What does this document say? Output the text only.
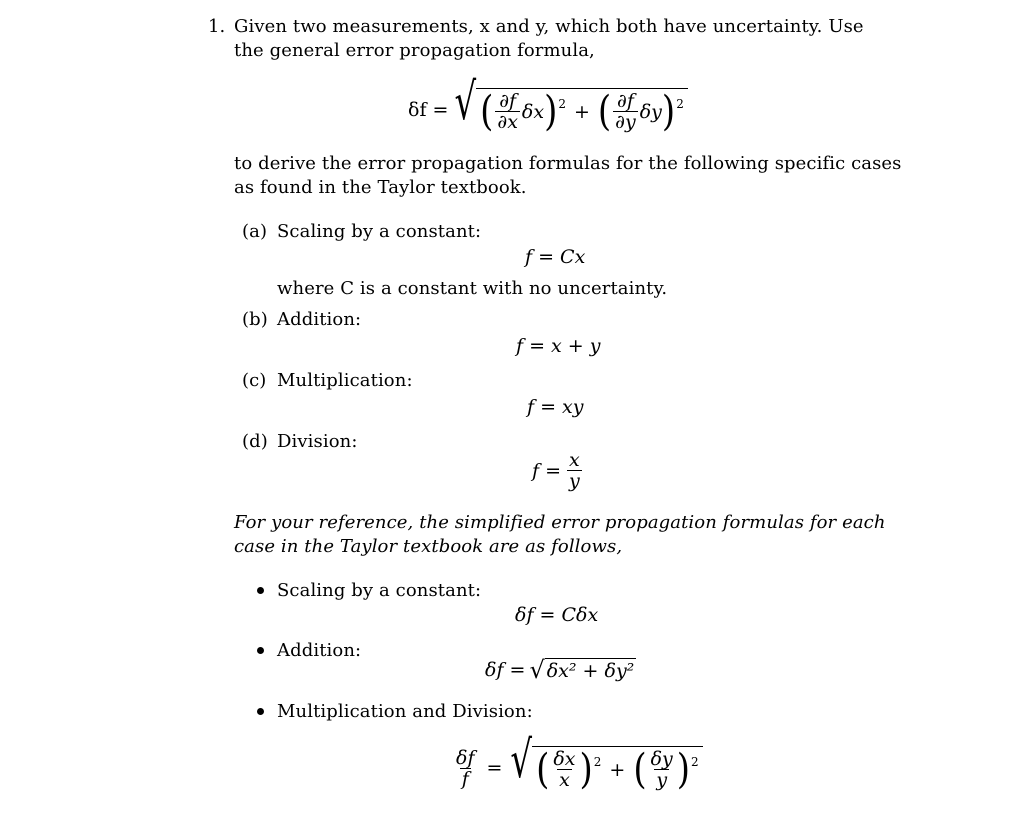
1. Given two measurements, x and y, which both have uncertainty. Use
the general error propagation formula,
δf = √ ( $\frac{\partial f}{\partial x}$ δx ) 2 + ( $\frac{\partial f}{\partial y}$ δy ) 2
to derive the error propagation formulas for the following specific cases
as found in the Taylor textbook.
(a) Scaling by a constant:
f = Cx
where C is a constant with no uncertainty.
(b) Addition:
f = x + y
(c) Multiplication:
f = xy
(d) Division:
$f = \frac{x}{y}$
For your reference, the simplified error propagation formulas for each
case in the Taylor textbook are as follows,
Scaling by a constant:
δf = Cδx
Addition:
δf = √ δx² + δy²
Multiplication and Division:
$\frac{\delta f}{f}$ = √ ( $\frac{\delta x}{x}$ ) 2 + ( $\frac{\delta y}{y}$ ) 2
